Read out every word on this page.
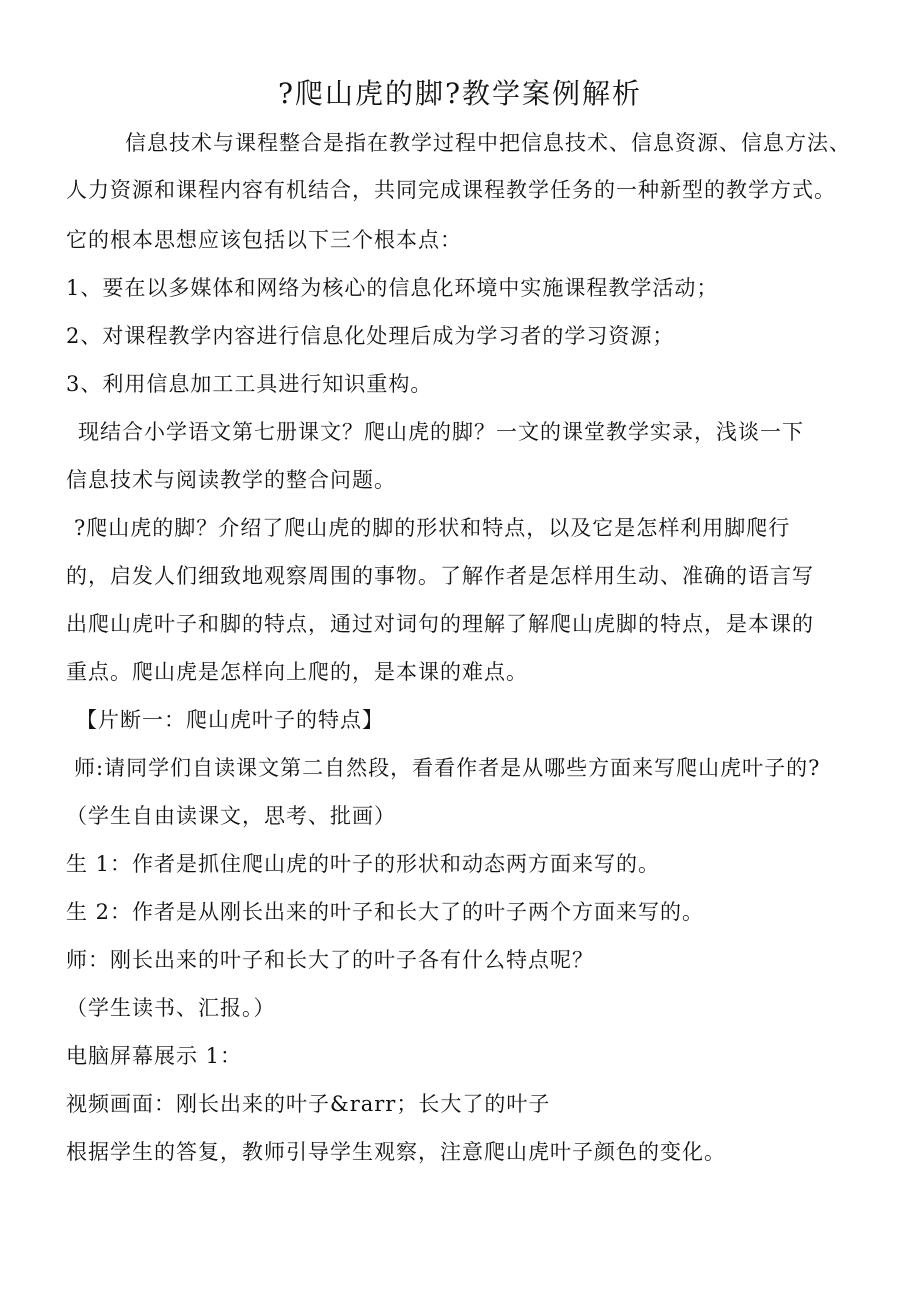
?爬山虎的脚?教学案例解析
信息技术与课程整合是指在教学过程中把信息技术、信息资源、信息方法、
人力资源和课程内容有机结合，共同完成课程教学任务的一种新型的教学方式。
它的根本思想应该包括以下三个根本点：
1、要在以多媒体和网络为核心的信息化环境中实施课程教学活动；
2、对课程教学内容进行信息化处理后成为学习者的学习资源；
3、利用信息加工工具进行知识重构。
现结合小学语文第七册课文？爬山虎的脚？一文的课堂教学实录，浅谈一下
信息技术与阅读教学的整合问题。
?爬山虎的脚？介绍了爬山虎的脚的形状和特点，以及它是怎样利用脚爬行
的，启发人们细致地观察周围的事物。了解作者是怎样用生动、准确的语言写
出爬山虎叶子和脚的特点，通过对词句的理解了解爬山虎脚的特点，是本课的
重点。爬山虎是怎样向上爬的，是本课的难点。
【片断一：爬山虎叶子的特点】
师:请同学们自读课文第二自然段，看看作者是从哪些方面来写爬山虎叶子的?
（学生自由读课文，思考、批画）
生 1：作者是抓住爬山虎的叶子的形状和动态两方面来写的。
生 2：作者是从刚长出来的叶子和长大了的叶子两个方面来写的。
师：刚长出来的叶子和长大了的叶子各有什么特点呢？
（学生读书、汇报。）
电脑屏幕展示 1：
视频画面：刚长出来的叶子&rarr；长大了的叶子
根据学生的答复，教师引导学生观察，注意爬山虎叶子颜色的变化。
